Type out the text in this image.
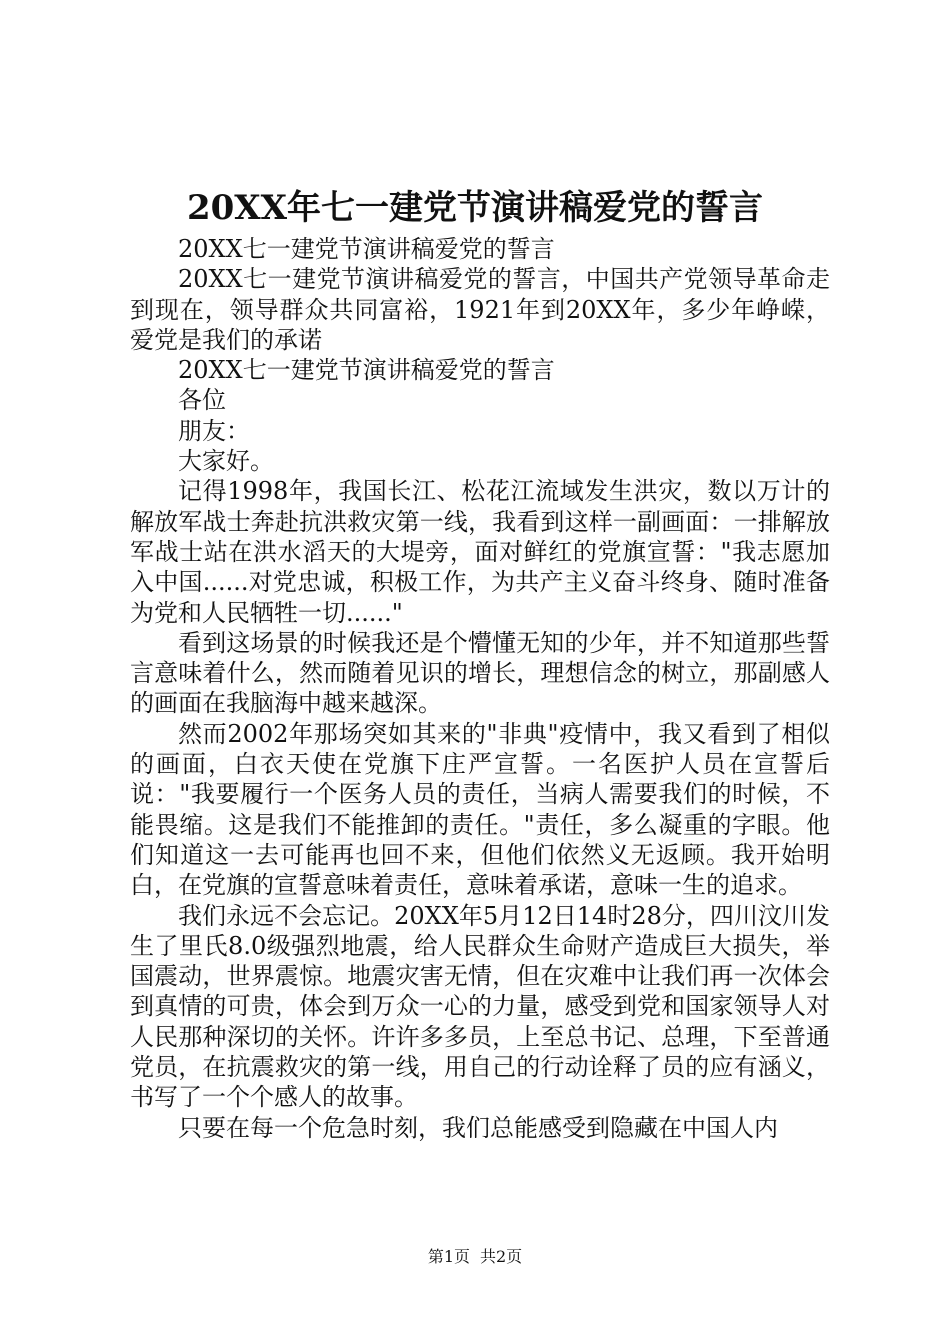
20XX年七一建党节演讲稿爱党的誓言

20XX七一建党节演讲稿爱党的誓言

20XX七一建党节演讲稿爱党的誓言，中国共产党领导革命走到现在，领导群众共同富裕，1921年到20XX年，多少年峥嵘，爱党是我们的承诺

20XX七一建党节演讲稿爱党的誓言

各位

朋友：

大家好。

记得1998年，我国长江、松花江流域发生洪灾，数以万计的解放军战士奔赴抗洪救灾第一线，我看到这样一副画面：一排解放军战士站在洪水滔天的大堤旁，面对鲜红的党旗宣誓："我志愿加入中国......对党忠诚，积极工作，为共产主义奋斗终身、随时准备为党和人民牺牲一切......"

看到这场景的时候我还是个懵懂无知的少年，并不知道那些誓言意味着什么，然而随着见识的增长，理想信念的树立，那副感人的画面在我脑海中越来越深。

然而2002年那场突如其来的"非典"疫情中，我又看到了相似的画面，白衣天使在党旗下庄严宣誓。一名医护人员在宣誓后说："我要履行一个医务人员的责任，当病人需要我们的时候，不能畏缩。这是我们不能推卸的责任。"责任，多么凝重的字眼。他们知道这一去可能再也回不来，但他们依然义无返顾。我开始明白，在党旗的宣誓意味着责任，意味着承诺，意味一生的追求。

我们永远不会忘记。20XX年5月12日14时28分，四川汶川发生了里氏8.0级强烈地震，给人民群众生命财产造成巨大损失，举国震动，世界震惊。地震灾害无情，但在灾难中让我们再一次体会到真情的可贵，体会到万众一心的力量，感受到党和国家领导人对人民那种深切的关怀。许许多多员，上至总书记、总理，下至普通党员，在抗震救灾的第一线，用自己的行动诠释了员的应有涵义，书写了一个个感人的故事。

只要在每一个危急时刻，我们总能感受到隐藏在中国人内

第1页 共2页
